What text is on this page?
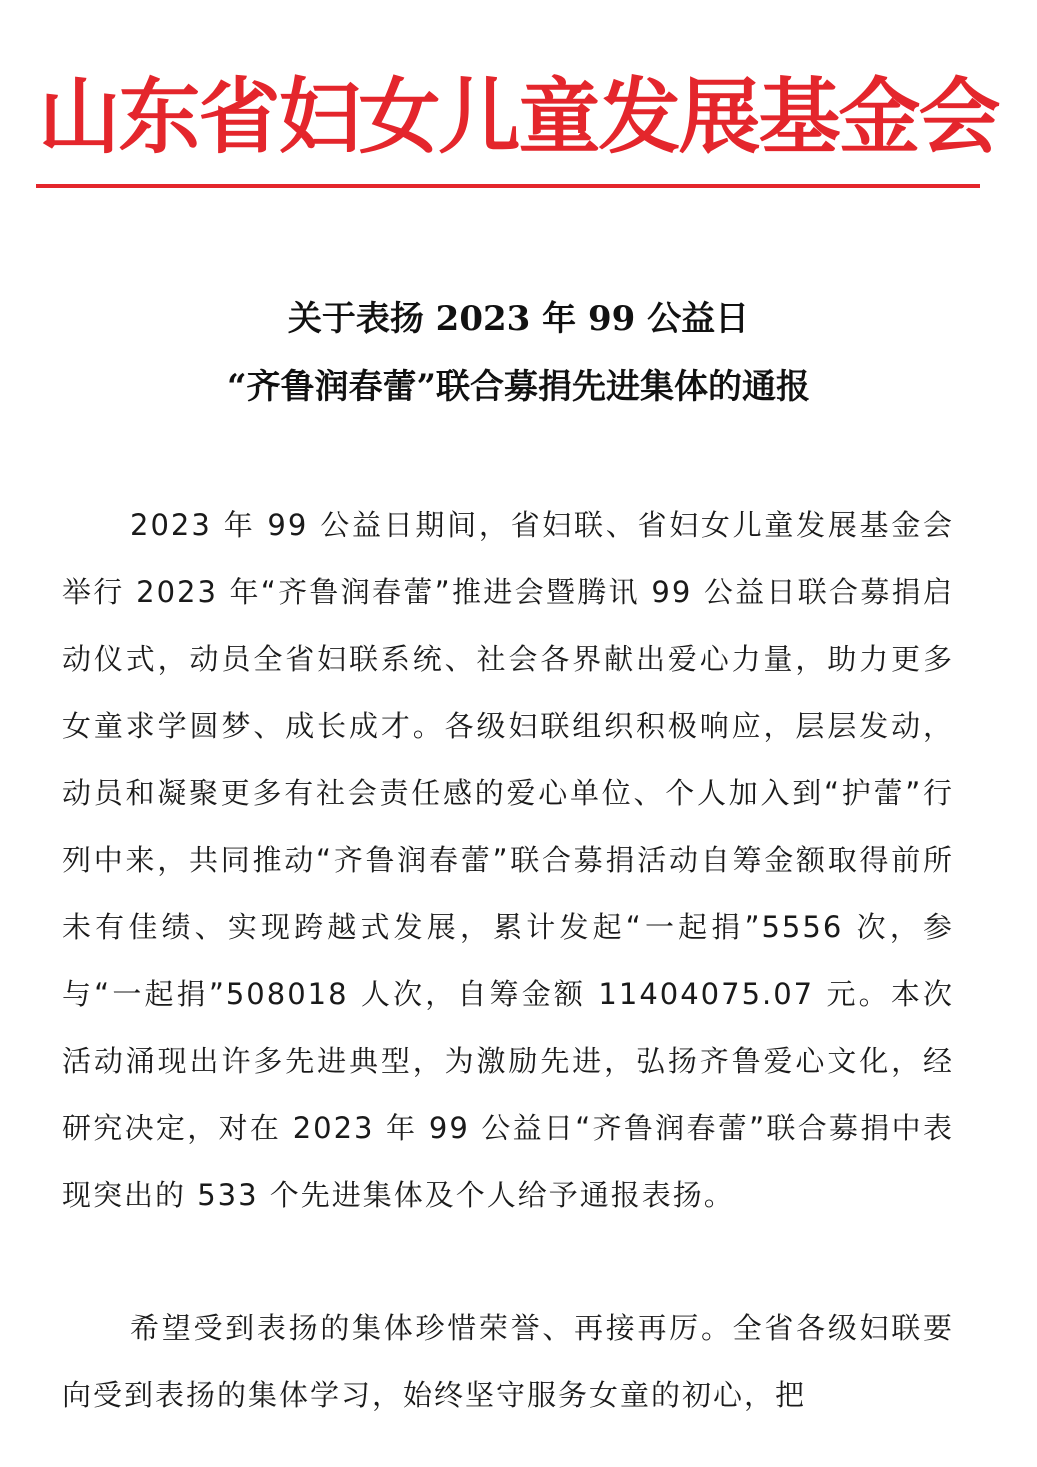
山东省妇女儿童发展基金会
关于表扬 2023 年 99 公益日
“齐鲁润春蕾”联合募捐先进集体的通报

2023 年 99 公益日期间，省妇联、省妇女儿童发展基金会举行 2023 年“齐鲁润春蕾”推进会暨腾讯 99 公益日联合募捐启动仪式，动员全省妇联系统、社会各界献出爱心力量，助力更多女童求学圆梦、成长成才。各级妇联组织积极响应，层层发动，动员和凝聚更多有社会责任感的爱心单位、个人加入到“护蕾”行列中来，共同推动“齐鲁润春蕾”联合募捐活动自筹金额取得前所未有佳绩、实现跨越式发展，累计发起“一起捐”5556 次，参与“一起捐”508018 人次，自筹金额 11404075.07 元。本次活动涌现出许多先进典型，为激励先进，弘扬齐鲁爱心文化，经研究决定，对在 2023 年 99 公益日“齐鲁润春蕾”联合募捐中表现突出的 533 个先进集体及个人给予通报表扬。

希望受到表扬的集体珍惜荣誉、再接再厉。全省各级妇联要向受到表扬的集体学习，始终坚守服务女童的初心，把
